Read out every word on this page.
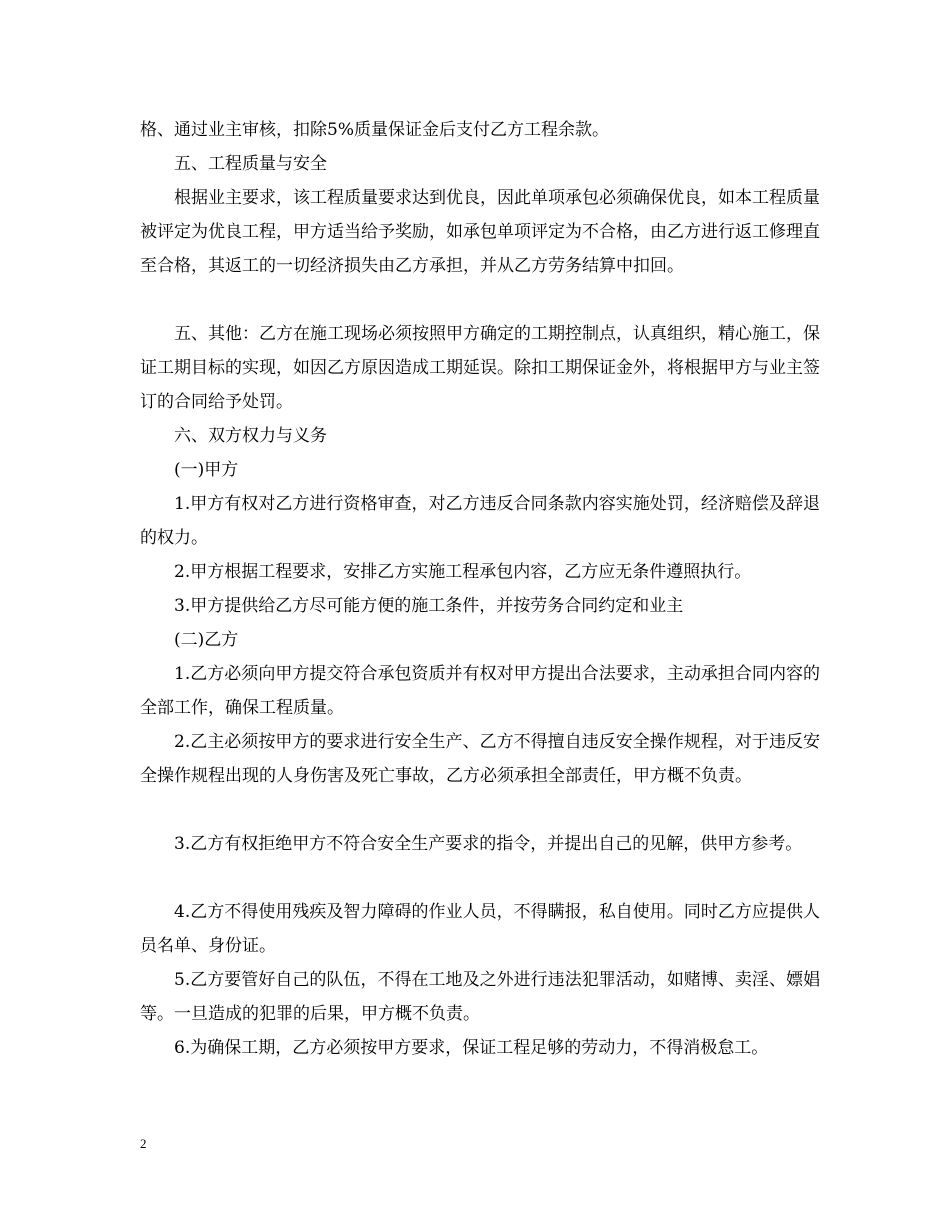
格、通过业主审核，扣除5%质量保证金后支付乙方工程余款。

五、工程质量与安全

根据业主要求，该工程质量要求达到优良，因此单项承包必须确保优良，如本工程质量被评定为优良工程，甲方适当给予奖励，如承包单项评定为不合格，由乙方进行返工修理直至合格，其返工的一切经济损失由乙方承担，并从乙方劳务结算中扣回。

五、其他：乙方在施工现场必须按照甲方确定的工期控制点，认真组织，精心施工，保证工期目标的实现，如因乙方原因造成工期延误。除扣工期保证金外，将根据甲方与业主签订的合同给予处罚。

六、双方权力与义务

(一)甲方

1.甲方有权对乙方进行资格审查，对乙方违反合同条款内容实施处罚，经济赔偿及辞退的权力。

2.甲方根据工程要求，安排乙方实施工程承包内容，乙方应无条件遵照执行。

3.甲方提供给乙方尽可能方便的施工条件，并按劳务合同约定和业主

(二)乙方

1.乙方必须向甲方提交符合承包资质并有权对甲方提出合法要求，主动承担合同内容的全部工作，确保工程质量。

2.乙主必须按甲方的要求进行安全生产、乙方不得擅自违反安全操作规程，对于违反安全操作规程出现的人身伤害及死亡事故，乙方必须承担全部责任，甲方概不负责。

3.乙方有权拒绝甲方不符合安全生产要求的指令，并提出自己的见解，供甲方参考。

4.乙方不得使用残疾及智力障碍的作业人员，不得瞒报，私自使用。同时乙方应提供人员名单、身份证。

5.乙方要管好自己的队伍，不得在工地及之外进行违法犯罪活动，如赌博、卖淫、嫖娼等。一旦造成的犯罪的后果，甲方概不负责。

6.为确保工期，乙方必须按甲方要求，保证工程足够的劳动力，不得消极怠工。

2
